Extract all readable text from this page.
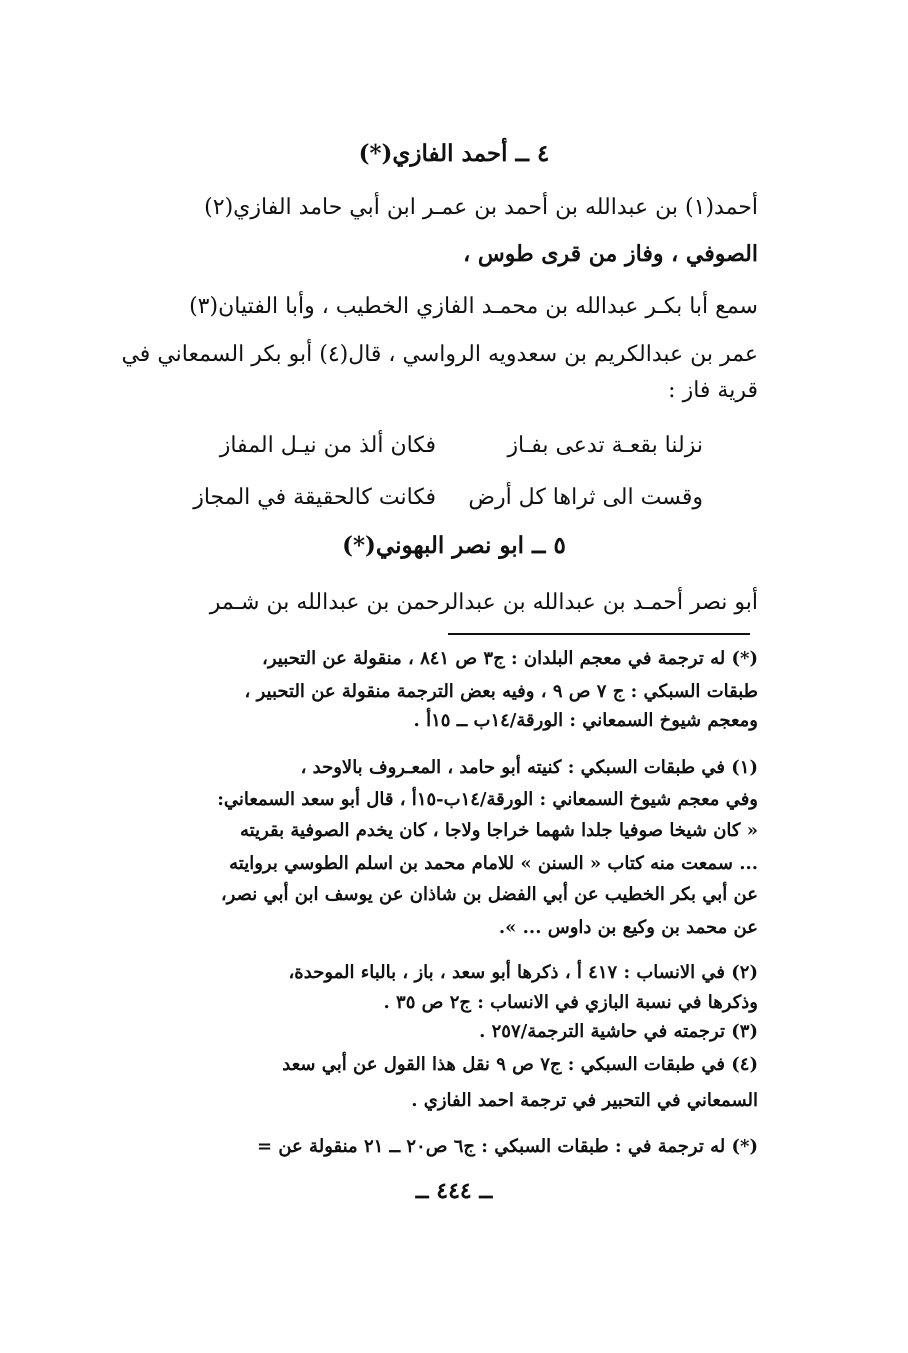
٤ ــ أحمد الفازي(*)
أحمد(١) بن عبدالله بن أحمد بن عمـر ابن أبي حامد الفازي(٢)
الصوفي ، وفاز من قرى طوس ،
سمع أبا بكـر عبدالله بن محمـد الفازي الخطيب ، وأبا الفتيان(٣)
عمر بن عبدالكريم بن سعدويه الرواسي ، قال(٤) أبو بكر السمعاني في
قرية فاز :
نزلنا بقعـة تدعى بفـاز
فكان ألذ من نيـل المفاز
وقست الى ثراها كل أرض
فكانت كالحقيقة في المجاز
٥ ــ ابو نصر البهوني(*)
أبو نصر أحمـد بن عبدالله بن عبدالرحمن بن عبدالله بن شـمر
(*) له ترجمة في معجم البلدان : ج٣ ص ٨٤١ ، منقولة عن التحبير،
طبقات السبكي : ج ٧ ص ٩ ، وفيه بعض الترجمة منقولة عن التحبير ،
ومعجم شيوخ السمعاني : الورقة/١٤ب ــ ١٥أ .
(١) في طبقات السبكي : كنيته أبو حامد ، المعـروف بالاوحد ،
وفي معجم شيوخ السمعاني : الورقة/١٤ب-١٥أ ، قال أبو سعد السمعاني:
« كان شيخا صوفيا جلدا شهما خراجا ولاجا ، كان يخدم الصوفية بقريته
... سمعت منه كتاب « السنن » للامام محمد بن اسلم الطوسي بروايته
عن أبي بكر الخطيب عن أبي الفضل بن شاذان عن يوسف ابن أبي نصر،
عن محمد بن وكيع بن داوس ... ».
(٢) في الانساب : ٤١٧ أ ، ذكرها أبو سعد ، باز ، بالباء الموحدة،
وذكرها في نسبة البازي في الانساب : ج٢ ص ٣٥ .
(٣) ترجمته في حاشية الترجمة/٢٥٧ .
(٤) في طبقات السبكي : ج٧ ص ٩ نقل هذا القول عن أبي سعد
السمعاني في التحبير في ترجمة احمد الفازي .
(*) له ترجمة في : طبقات السبكي : ج٦ ص٢٠ ــ ٢١ منقولة عن =
ــ ٤٤٤ ــ
